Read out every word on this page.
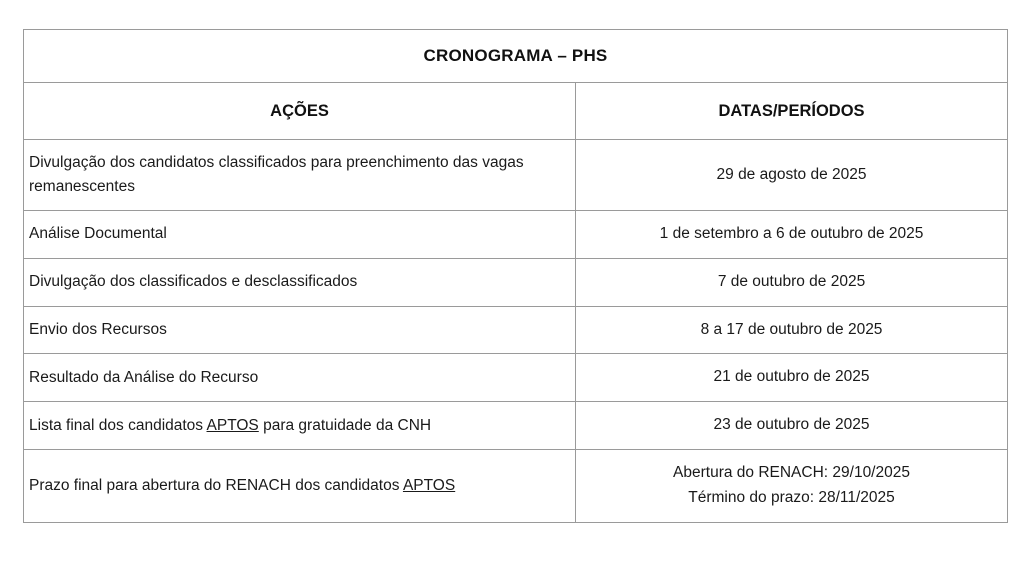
CRONOGRAMA – PHS	
AÇÕES	DATAS/PERÍODOS
Divulgação dos candidatos classificados para preenchimento das vagas remanescentes	29 de agosto de 2025

Análise Documental	1 de setembro a 6 de outubro de 2025

Divulgação dos classificados e desclassificados	7 de outubro de 2025

Envio dos Recursos	8 a 17 de outubro de 2025

Resultado da Análise do Recurso	21 de outubro de 2025

Lista final dos candidatos APTOS para gratuidade da CNH	23 de outubro de 2025

Prazo final para abertura do RENACH dos candidatos APTOS	Abertura do RENACH: 29/10/2025
Término do prazo: 28/11/2025
